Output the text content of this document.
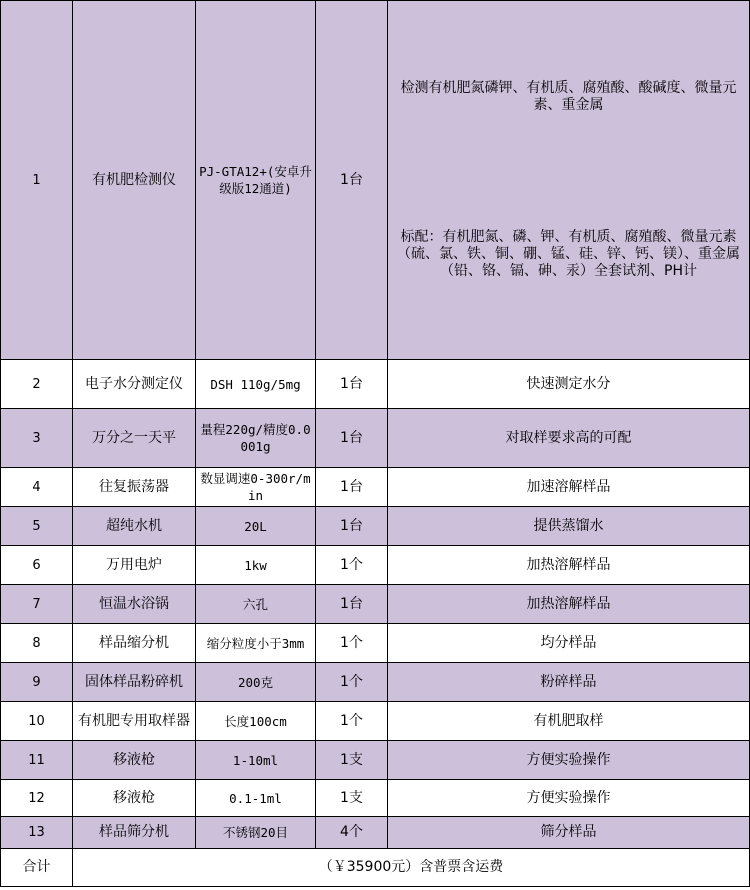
1	有机肥检测仪	PJ-GTA12+(安卓升级版12通道)	1台	检测有机肥氮磷钾、有机质、腐殖酸、酸碱度、微量元素、重金属
标配：有机肥氮、磷、钾、有机质、腐殖酸、微量元素（硫、氯、铁、铜、硼、锰、硅、锌、钙、镁）、重金属（铅、铬、镉、砷、汞）全套试剂、PH计

2	电子水分测定仪	DSH 110g/5mg	1台	快速测定水分
3	万分之一天平	量程220g/精度0.0001g	1台	对取样要求高的可配
4	往复振荡器	数显调速0-300r/min	1台	加速溶解样品
5	超纯水机	20L	1台	提供蒸馏水
6	万用电炉	1kw	1个	加热溶解样品
7	恒温水浴锅	六孔	1台	加热溶解样品
8	样品缩分机	缩分粒度小于3mm	1个	均分样品
9	固体样品粉碎机	200克	1个	粉碎样品
10	有机肥专用取样器	长度100cm	1个	有机肥取样
11	移液枪	1-10ml	1支	方便实验操作
12	移液枪	0.1-1ml	1支	方便实验操作
13	样品筛分机	不锈钢20目	4个	筛分样品
合计	（￥35900元）含普票含运费			
